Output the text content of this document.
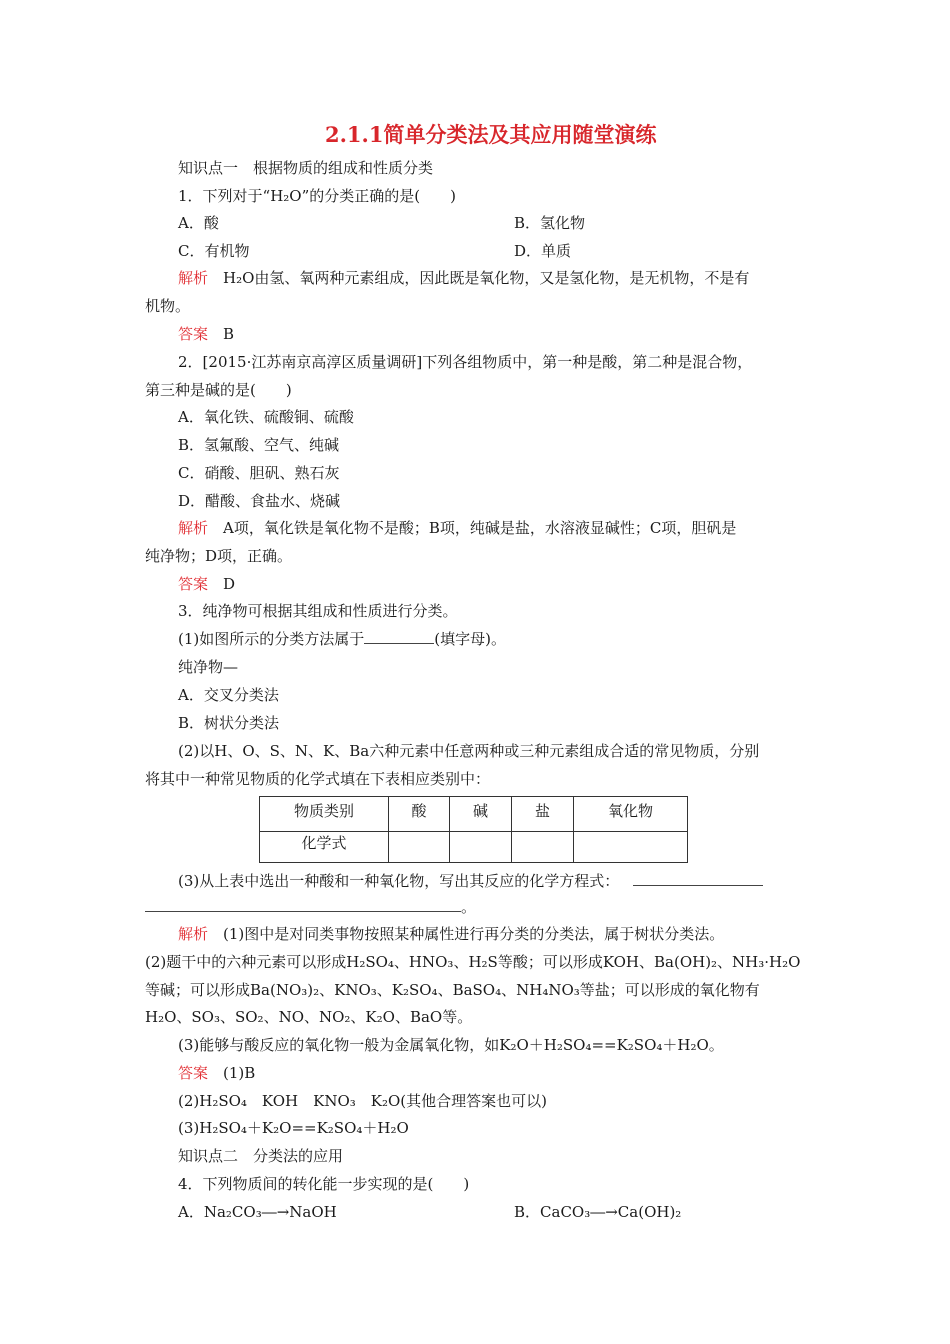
2.1.1简单分类法及其应用随堂演练
知识点一　根据物质的组成和性质分类
1．下列对于“H₂O”的分类正确的是(　　)
A．酸	B．氢化物
C．有机物	D．单质
解析　 H₂O由氢、氧两种元素组成，因此既是氧化物，又是氢化物，是无机物，不是有
机物。
答案　 B
2．[2015·江苏南京高淳区质量调研]下列各组物质中，第一种是酸，第二种是混合物，
第三种是碱的是(　　)
A．氧化铁、硫酸铜、硫酸
B．氢氟酸、空气、纯碱
C．硝酸、胆矾、熟石灰
D．醋酸、食盐水、烧碱
解析　 A项，氧化铁是氧化物不是酸；B项，纯碱是盐，水溶液显碱性；C项，胆矾是
纯净物；D项，正确。
答案　 D
3．纯净物可根据其组成和性质进行分类。
(1)如图所示的分类方法属于	(填字母)。
纯净物—
A．交叉分类法
B．树状分类法
(2)以H、O、S、N、K、Ba六种元素中任意两种或三种元素组成合适的常见物质，分别
将其中一种常见物质的化学式填在下表相应类别中：
物质类别	酸	碱	盐	氧化物
化学式				
(3)从上表中选出一种酸和一种氧化物，写出其反应的化学方程式：
。
解析　 (1)图中是对同类事物按照某种属性进行再分类的分类法，属于树状分类法。
(2)题干中的六种元素可以形成H₂SO₄、HNO₃、H₂S等酸；可以形成KOH、Ba(OH)₂、NH₃·H₂O
等碱；可以形成Ba(NO₃)₂、KNO₃、K₂SO₄、BaSO₄、NH₄NO₃等盐；可以形成的氧化物有
H₂O、SO₃、SO₂、NO、NO₂、K₂O、BaO等。
(3)能够与酸反应的氧化物一般为金属氧化物，如K₂O＋H₂SO₄==K₂SO₄＋H₂O。
答案　 (1)B
(2)H₂SO₄　KOH　KNO₃　K₂O(其他合理答案也可以)
(3)H₂SO₄＋K₂O==K₂SO₄＋H₂O
知识点二　分类法的应用
4．下列物质间的转化能一步实现的是(　　)
A．Na₂CO₃―→NaOH	B．CaCO₃―→Ca(OH)₂
